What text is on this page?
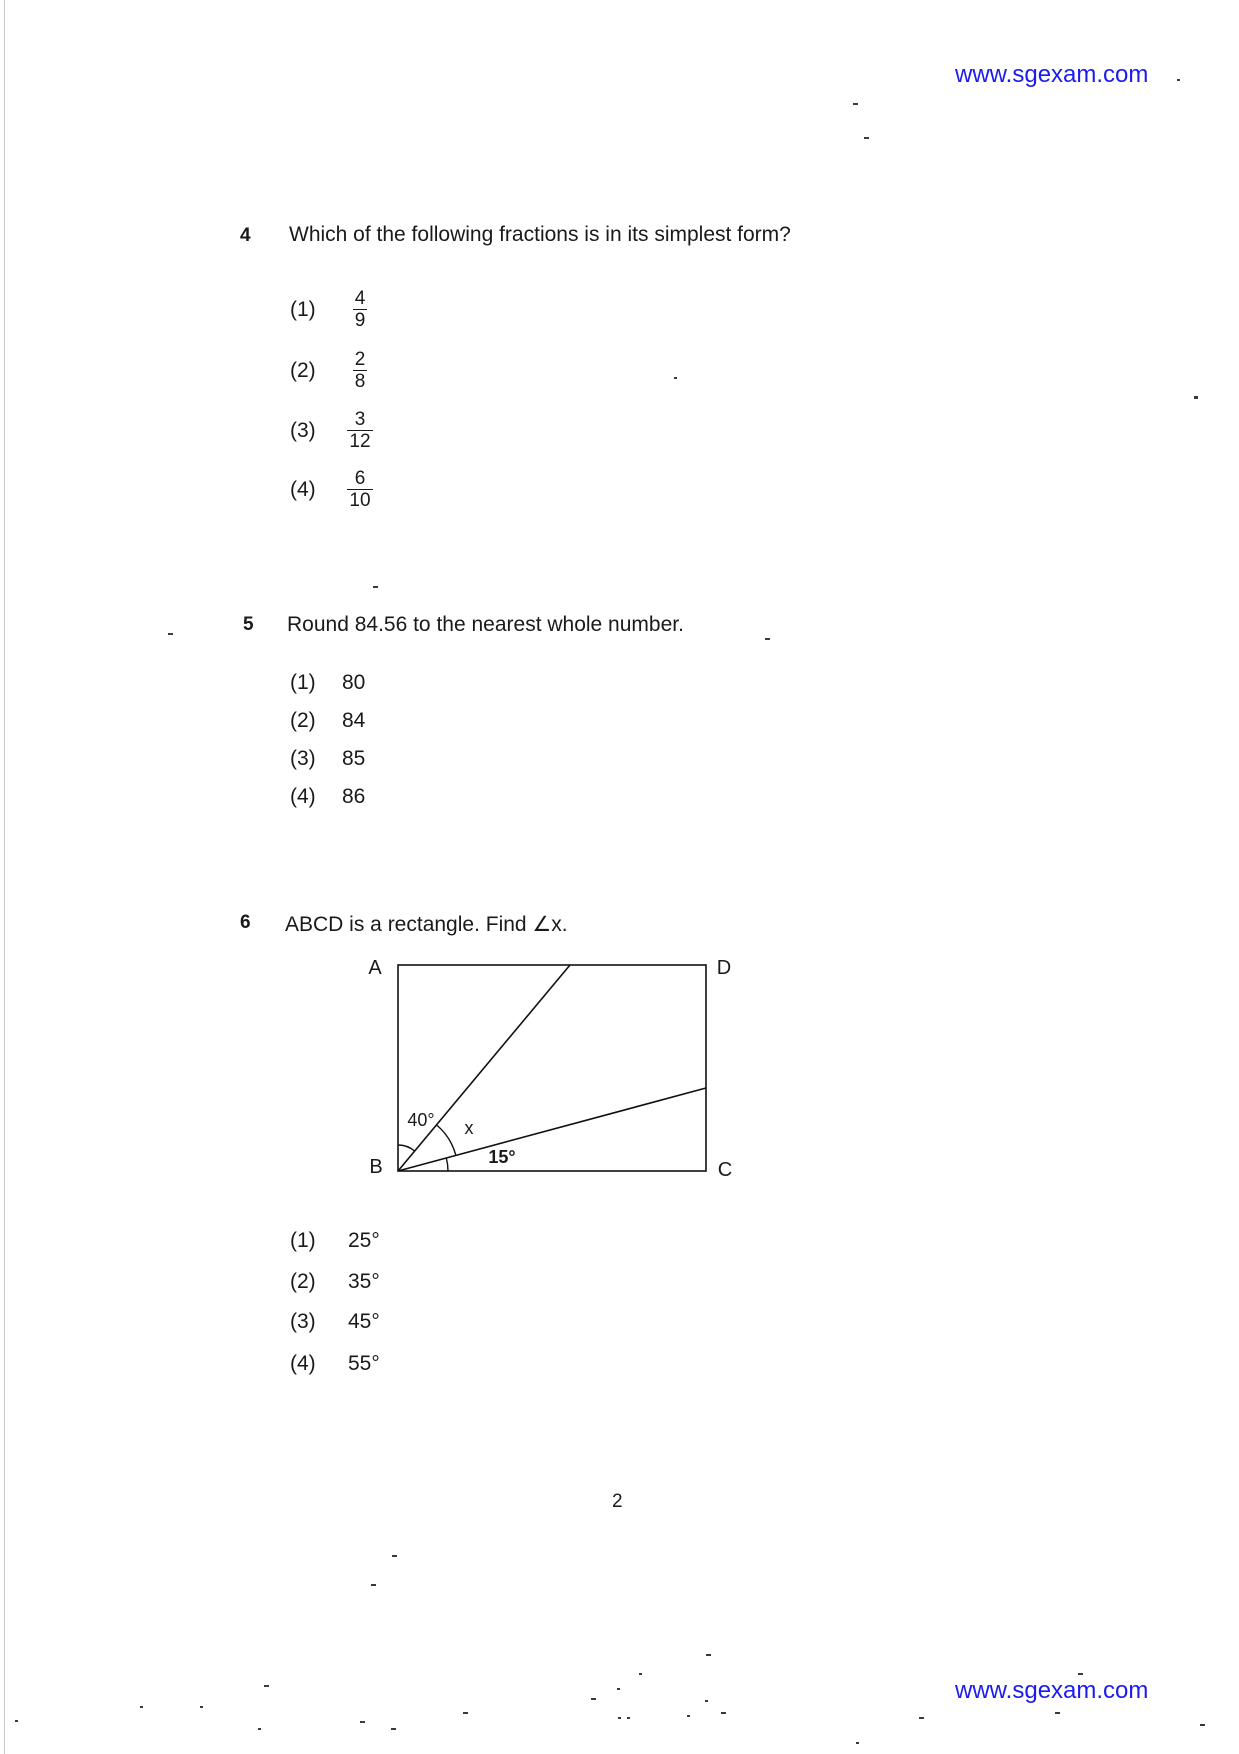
www.sgexam.com
4 Which of the following fractions is in its simplest form?
(1)	$\frac{4}{9}$
(2)	$\frac{2}{8}$
(3)	$\frac{3}{12}$
(4)	$\frac{6}{10}$
5 Round 84.56 to the nearest whole number.
(1)	80
(2)	84
(3)	85
(4)	86
6 ABCD is a rectangle. Find ∠x.
A	D
B	C
40° x
15°
(1)	25°
(2)	35°
(3)	45°
(4)	55°
2
www.sgexam.com
